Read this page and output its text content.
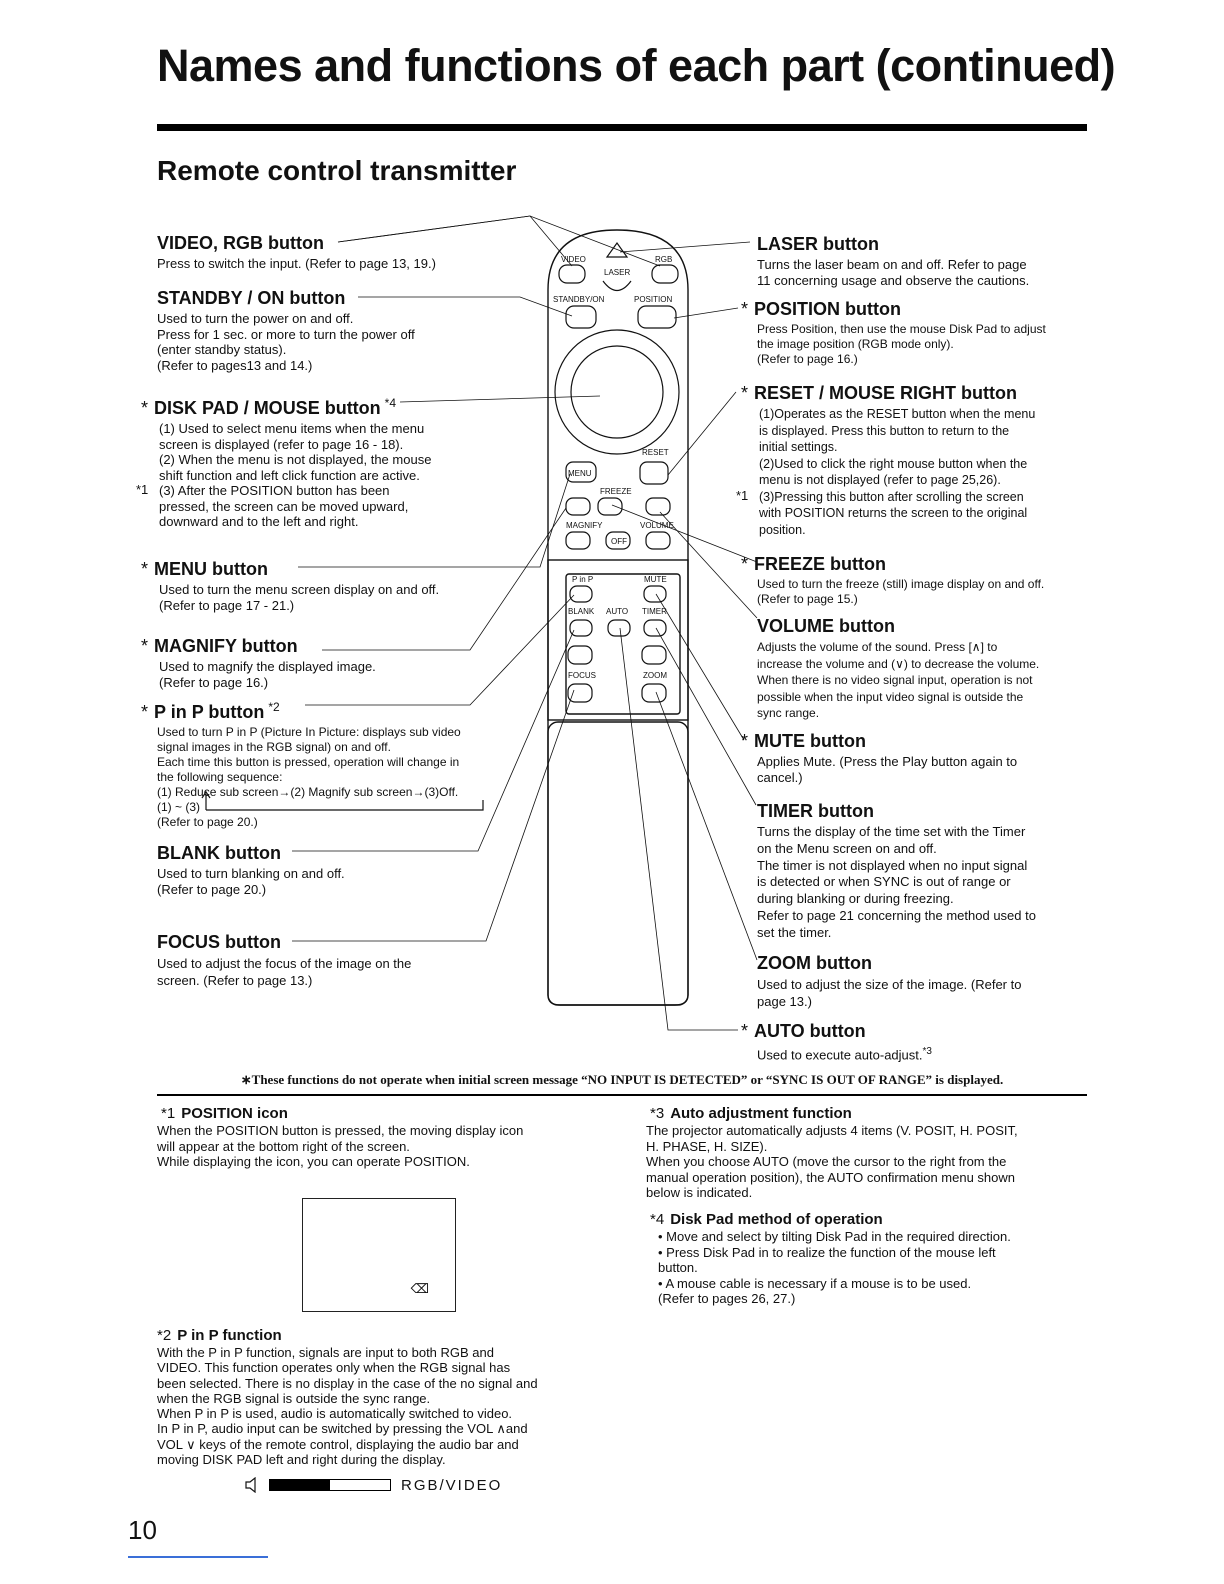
Names and functions of each part (continued)
Remote control transmitter
VIDEO	RGB
LASER
STANDBY/ON	POSITION
RESET
MENU
FREEZE
MAGNIFY	VOLUME
OFF
P in P	MUTE
BLANK AUTO TIMER
FOCUS	ZOOM
VIDEO, RGB button
Press to switch the input. (Refer to page 13, 19.)
STANDBY / ON button
Used to turn the power on and off.
Press for 1 sec. or more to turn the power off
(enter standby status).
(Refer to pages13 and 14.)
* DISK PAD / MOUSE button $^{*4}$
(1) Used to select menu items when the menu
screen is displayed (refer to page 16 - 18).
(2) When the menu is not displayed, the mouse
shift function and left click function are active.
(3) After the POSITION button has been
pressed, the screen can be moved upward,
downward and to the left and right.
*1
* MENU button
Used to turn the menu screen display on and off.
(Refer to page 17 - 21.)
* MAGNIFY button
Used to magnify the displayed image.
(Refer to page 16.)
* P in P button $^{*2}$
Used to turn P in P (Picture In Picture: displays sub video
signal images in the RGB signal) on and off.
Each time this button is pressed, operation will change in
the following sequence:
(1) Reduce sub screen→(2) Magnify sub screen→(3)Off.
(1) ~ (3)
(Refer to page 20.)
BLANK button
Used to turn blanking on and off.
(Refer to page 20.)
FOCUS button
Used to adjust the focus of the image on the
screen. (Refer to page 13.)
LASER button
Turns the laser beam on and off. Refer to page
11 concerning usage and observe the cautions.
* POSITION button
Press Position, then use the mouse Disk Pad to adjust
the image position (RGB mode only).
(Refer to page 16.)
* RESET / MOUSE RIGHT button
(1)Operates as the RESET button when the menu
is displayed. Press this button to return to the
initial settings.
(2)Used to click the right mouse button when the
menu is not displayed (refer to page 25,26).
(3)Pressing this button after scrolling the screen
with POSITION returns the screen to the original
position.
*1
* FREEZE button
Used to turn the freeze (still) image display on and off.
(Refer to page 15.)
VOLUME button
Adjusts the volume of the sound. Press [∧] to
increase the volume and (∨) to decrease the volume.
When there is no video signal input, operation is not
possible when the input video signal is outside the
sync range.
* MUTE button
Applies Mute. (Press the Play button again to
cancel.)
TIMER button
Turns the display of the time set with the Timer
on the Menu screen on and off.
The timer is not displayed when no input signal
is detected or when SYNC is out of range or
during blanking or during freezing.
Refer to page 21 concerning the method used to
set the timer.
ZOOM button
Used to adjust the size of the image. (Refer to
page 13.)
* AUTO button
Used to execute auto-adjust.$^{*3}$
∗These functions do not operate when initial screen message “NO INPUT IS DETECTED” or “SYNC IS OUT OF RANGE” is displayed.
*1 POSITION icon
When the POSITION button is pressed, the moving display icon
will appear at the bottom right of the screen.
While displaying the icon, you can operate POSITION.
⌫
*2 P in P function
With the P in P function, signals are input to both RGB and
VIDEO. This function operates only when the RGB signal has
been selected. There is no display in the case of the no signal and
when the RGB signal is outside the sync range.
When P in P is used, audio is automatically switched to video.
In P in P, audio input can be switched by pressing the VOL ∧and
VOL ∨ keys of the remote control, displaying the audio bar and
moving DISK PAD left and right during the display.
RGB/VIDEO
*3 Auto adjustment function
The projector automatically adjusts 4 items (V. POSIT, H. POSIT,
H. PHASE, H. SIZE).
When you choose AUTO (move the cursor to the right from the
manual operation position), the AUTO confirmation menu shown
below is indicated.
*4 Disk Pad method of operation
• Move and select by tilting Disk Pad in the required direction.
• Press Disk Pad in to realize the function of the mouse left
button.
• A mouse cable is necessary if a mouse is to be used.
(Refer to pages 26, 27.)
10
